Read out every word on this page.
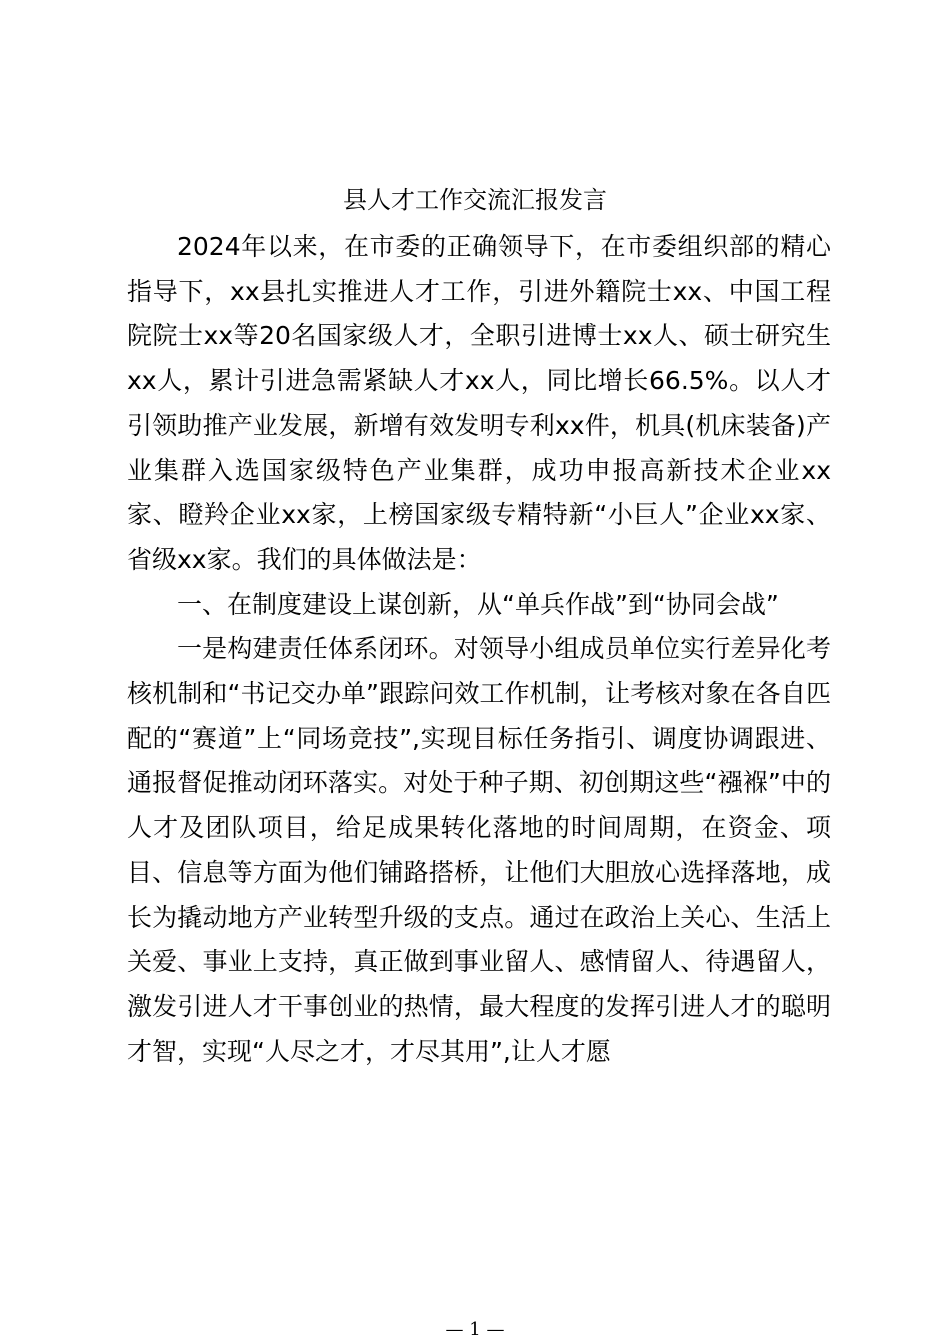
县人才工作交流汇报发言

2024年以来，在市委的正确领导下，在市委组织部的精心指导下，xx县扎实推进人才工作，引进外籍院士xx、中国工程院院士xx等20名国家级人才，全职引进博士xx人、硕士研究生xx人，累计引进急需紧缺人才xx人，同比增长66.5%。以人才引领助推产业发展，新增有效发明专利xx件，机具(机床装备)产业集群入选国家级特色产业集群，成功申报高新技术企业xx家、瞪羚企业xx家，上榜国家级专精特新“小巨人”企业xx家、省级xx家。我们的具体做法是：

一、在制度建设上谋创新，从“单兵作战”到“协同会战”

一是构建责任体系闭环。对领导小组成员单位实行差异化考核机制和“书记交办单”跟踪问效工作机制，让考核对象在各自匹配的“赛道”上“同场竞技”,实现目标任务指引、调度协调跟进、通报督促推动闭环落实。对处于种子期、初创期这些“襁褓”中的人才及团队项目，给足成果转化落地的时间周期，在资金、项目、信息等方面为他们铺路搭桥，让他们大胆放心选择落地，成长为撬动地方产业转型升级的支点。通过在政治上关心、生活上关爱、事业上支持，真正做到事业留人、感情留人、待遇留人，激发引进人才干事创业的热情，最大程度的发挥引进人才的聪明才智，实现“人尽之才，才尽其用”,让人才愿

— 1 —
